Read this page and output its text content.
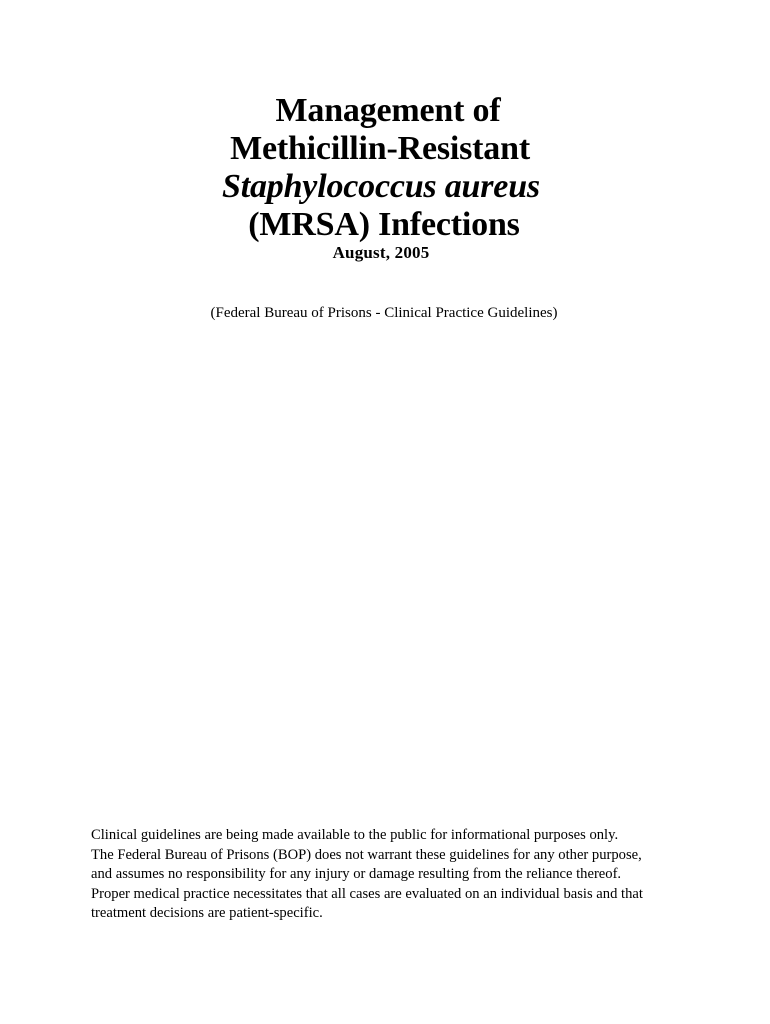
Management of
Methicillin-Resistant
Staphylococcus aureus
(MRSA) Infections
August, 2005
(Federal Bureau of Prisons - Clinical Practice Guidelines)
Clinical guidelines are being made available to the public for informational purposes only.
The Federal Bureau of Prisons (BOP) does not warrant these guidelines for any other purpose,
and assumes no responsibility for any injury or damage resulting from the reliance thereof.
Proper medical practice necessitates that all cases are evaluated on an individual basis and that
treatment decisions are patient-specific.
